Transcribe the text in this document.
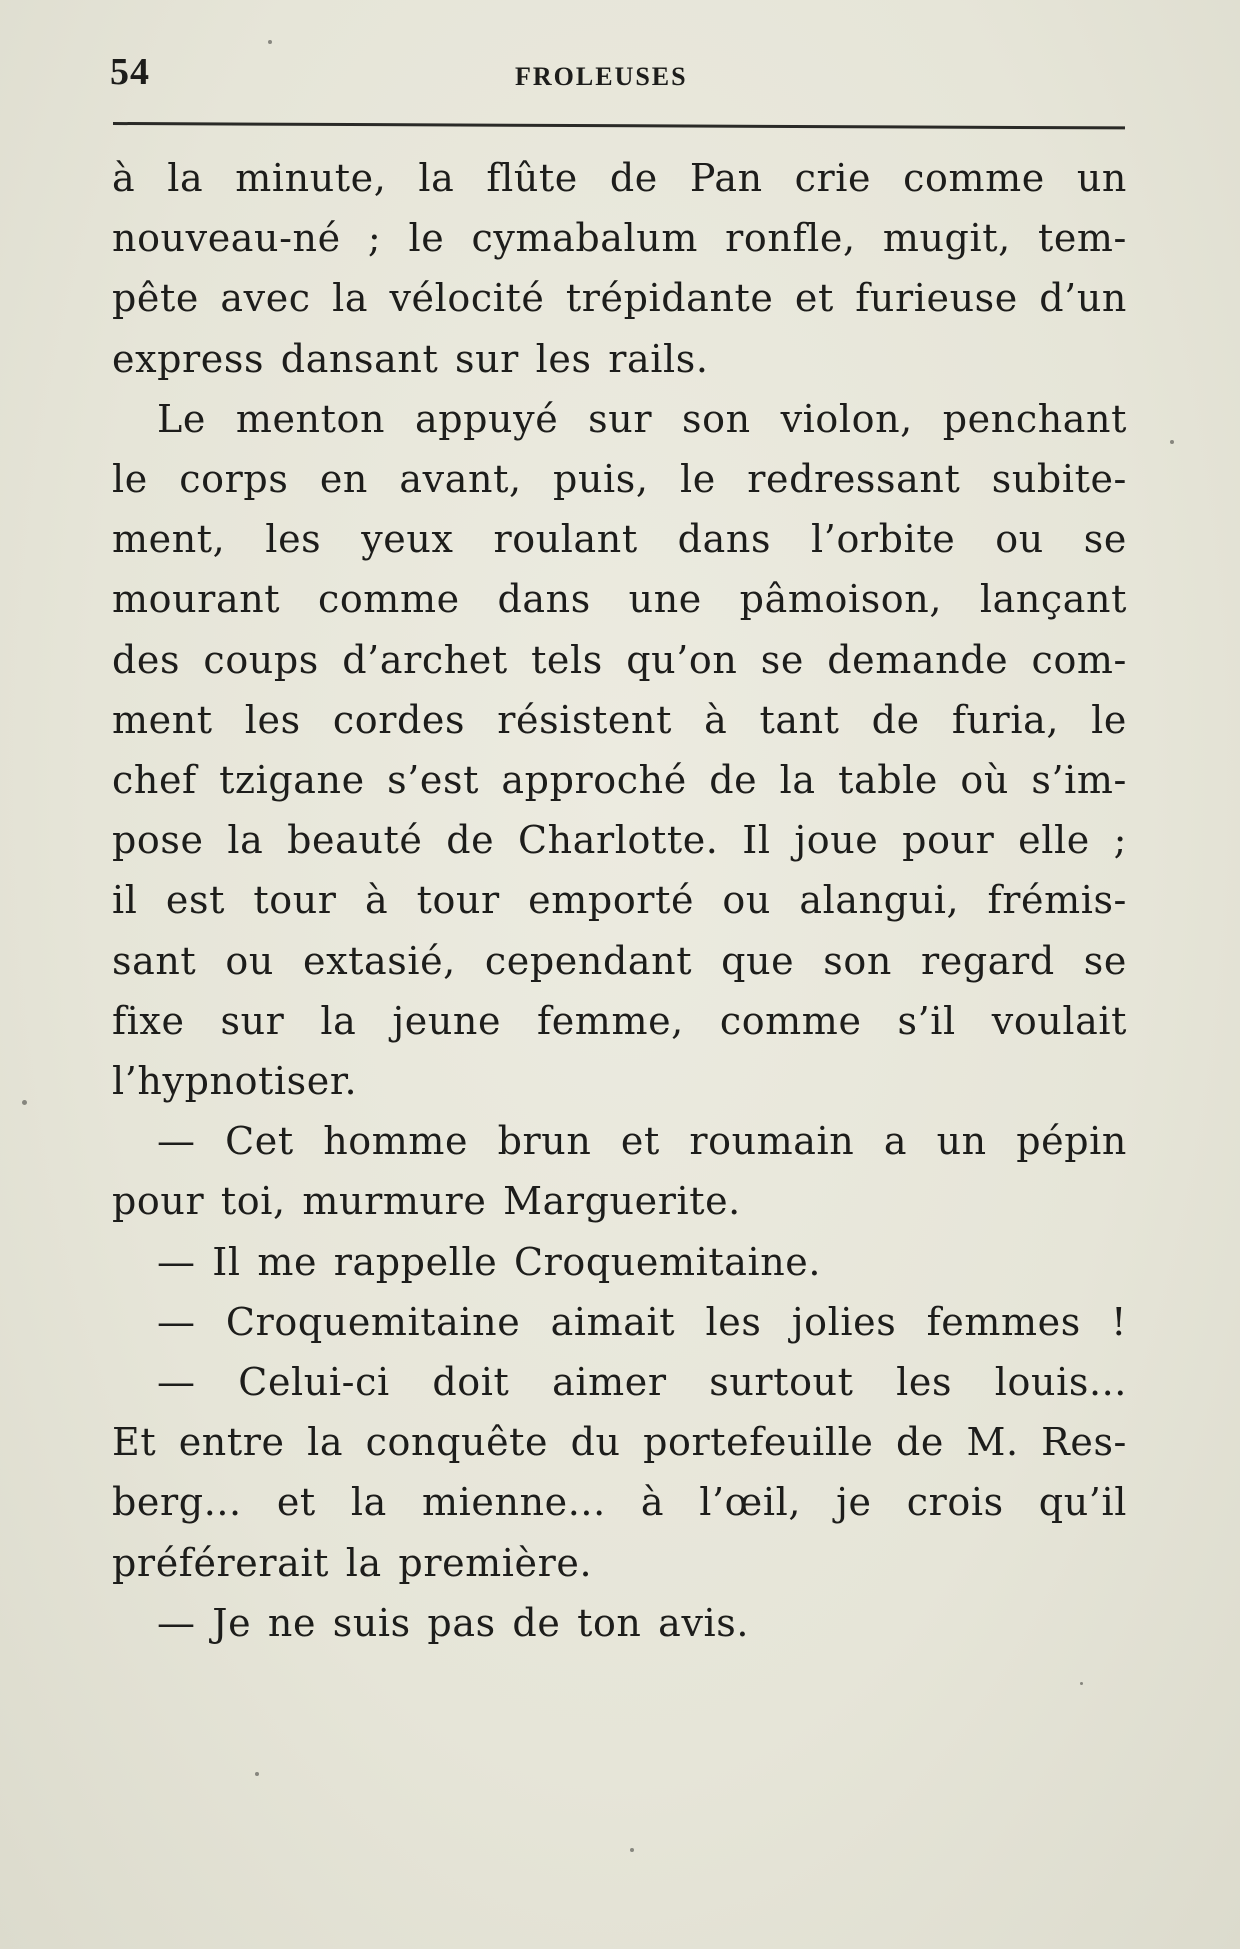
54	FROLEUSES
à la minute, la flûte de Pan crie comme un
nouveau-né ; le cymabalum ronfle, mugit, tem-
pête avec la vélocité trépidante et furieuse d’un
express dansant sur les rails.
Le menton appuyé sur son violon, penchant
le corps en avant, puis, le redressant subite-
ment, les yeux roulant dans l’orbite ou se
mourant comme dans une pâmoison, lançant
des coups d’archet tels qu’on se demande com-
ment les cordes résistent à tant de furia, le
chef tzigane s’est approché de la table où s’im-
pose la beauté de Charlotte. Il joue pour elle ;
il est tour à tour emporté ou alangui, frémis-
sant ou extasié, cependant que son regard se
fixe sur la jeune femme, comme s’il voulait
l’hypnotiser.
— Cet homme brun et roumain a un pépin
pour toi, murmure Marguerite.
— Il me rappelle Croquemitaine.
— Croquemitaine aimait les jolies femmes !
— Celui-ci doit aimer surtout les louis...
Et entre la conquête du portefeuille de M. Res-
berg... et la mienne... à l’œil, je crois qu’il
préférerait la première.
— Je ne suis pas de ton avis.
